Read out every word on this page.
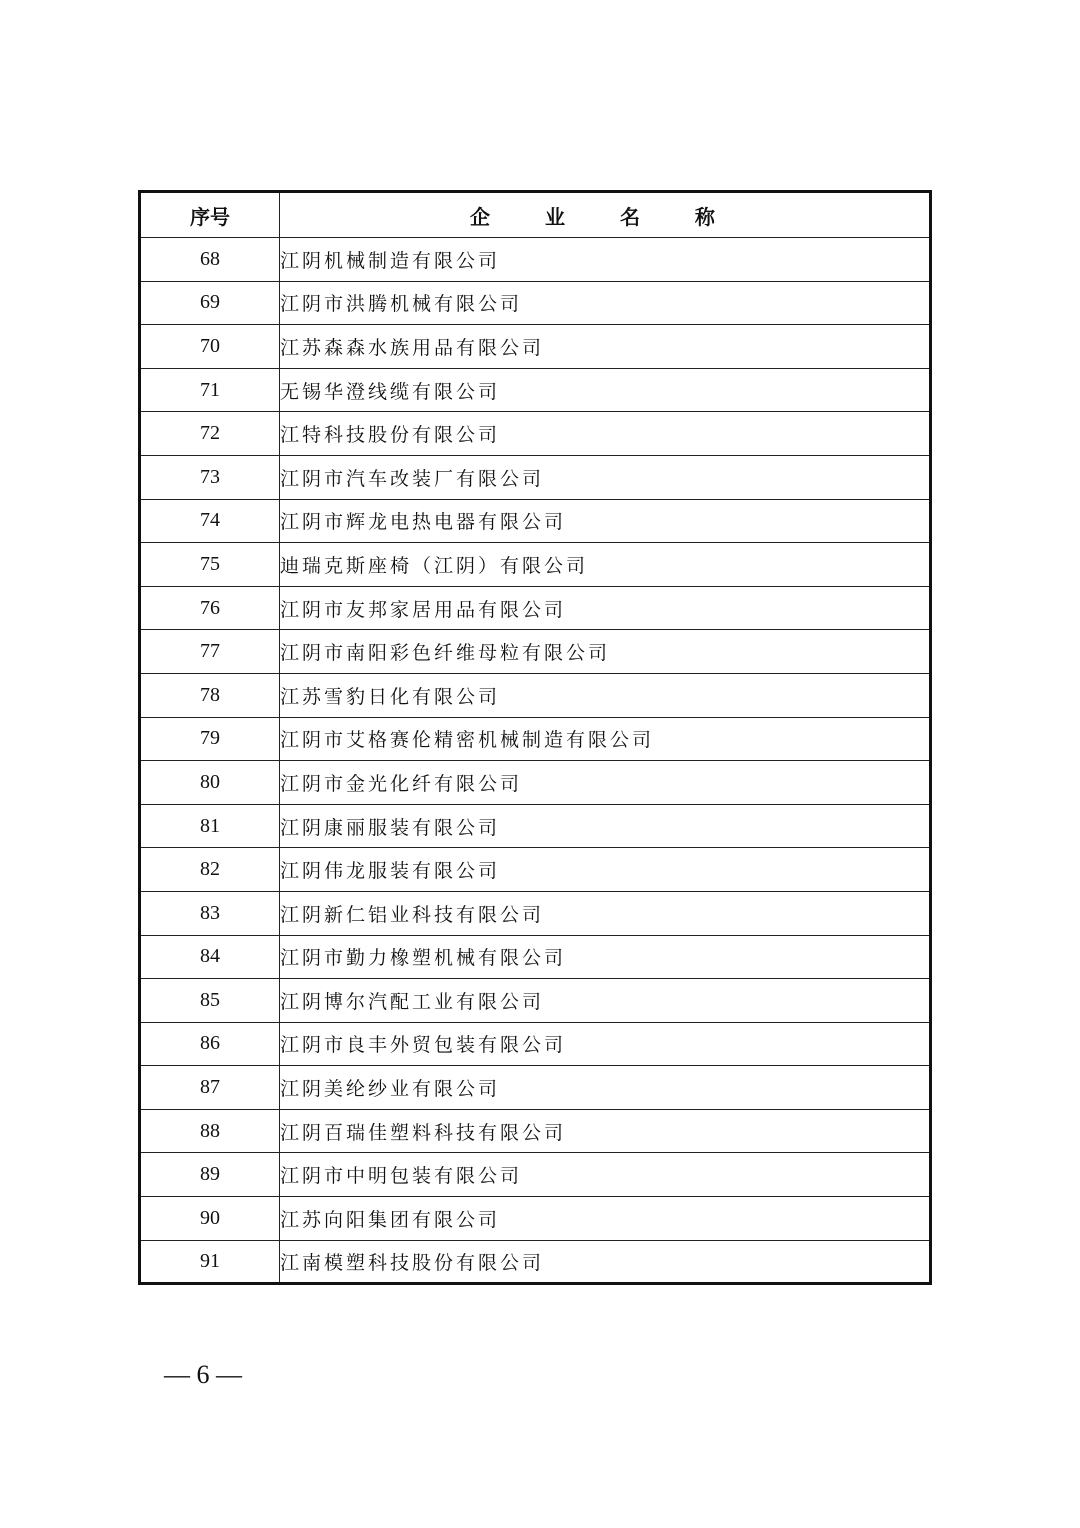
序号	企 业 名 称
68	江阴机械制造有限公司
69	江阴市洪腾机械有限公司
70	江苏森森水族用品有限公司
71	无锡华澄线缆有限公司
72	江特科技股份有限公司
73	江阴市汽车改装厂有限公司
74	江阴市辉龙电热电器有限公司
75	迪瑞克斯座椅（江阴）有限公司
76	江阴市友邦家居用品有限公司
77	江阴市南阳彩色纤维母粒有限公司
78	江苏雪豹日化有限公司
79	江阴市艾格赛伦精密机械制造有限公司
80	江阴市金光化纤有限公司
81	江阴康丽服装有限公司
82	江阴伟龙服装有限公司
83	江阴新仁铝业科技有限公司
84	江阴市勤力橡塑机械有限公司
85	江阴博尔汽配工业有限公司
86	江阴市良丰外贸包装有限公司
87	江阴美纶纱业有限公司
88	江阴百瑞佳塑料科技有限公司
89	江阴市中明包装有限公司
90	江苏向阳集团有限公司
91	江南模塑科技股份有限公司
— 6 —
